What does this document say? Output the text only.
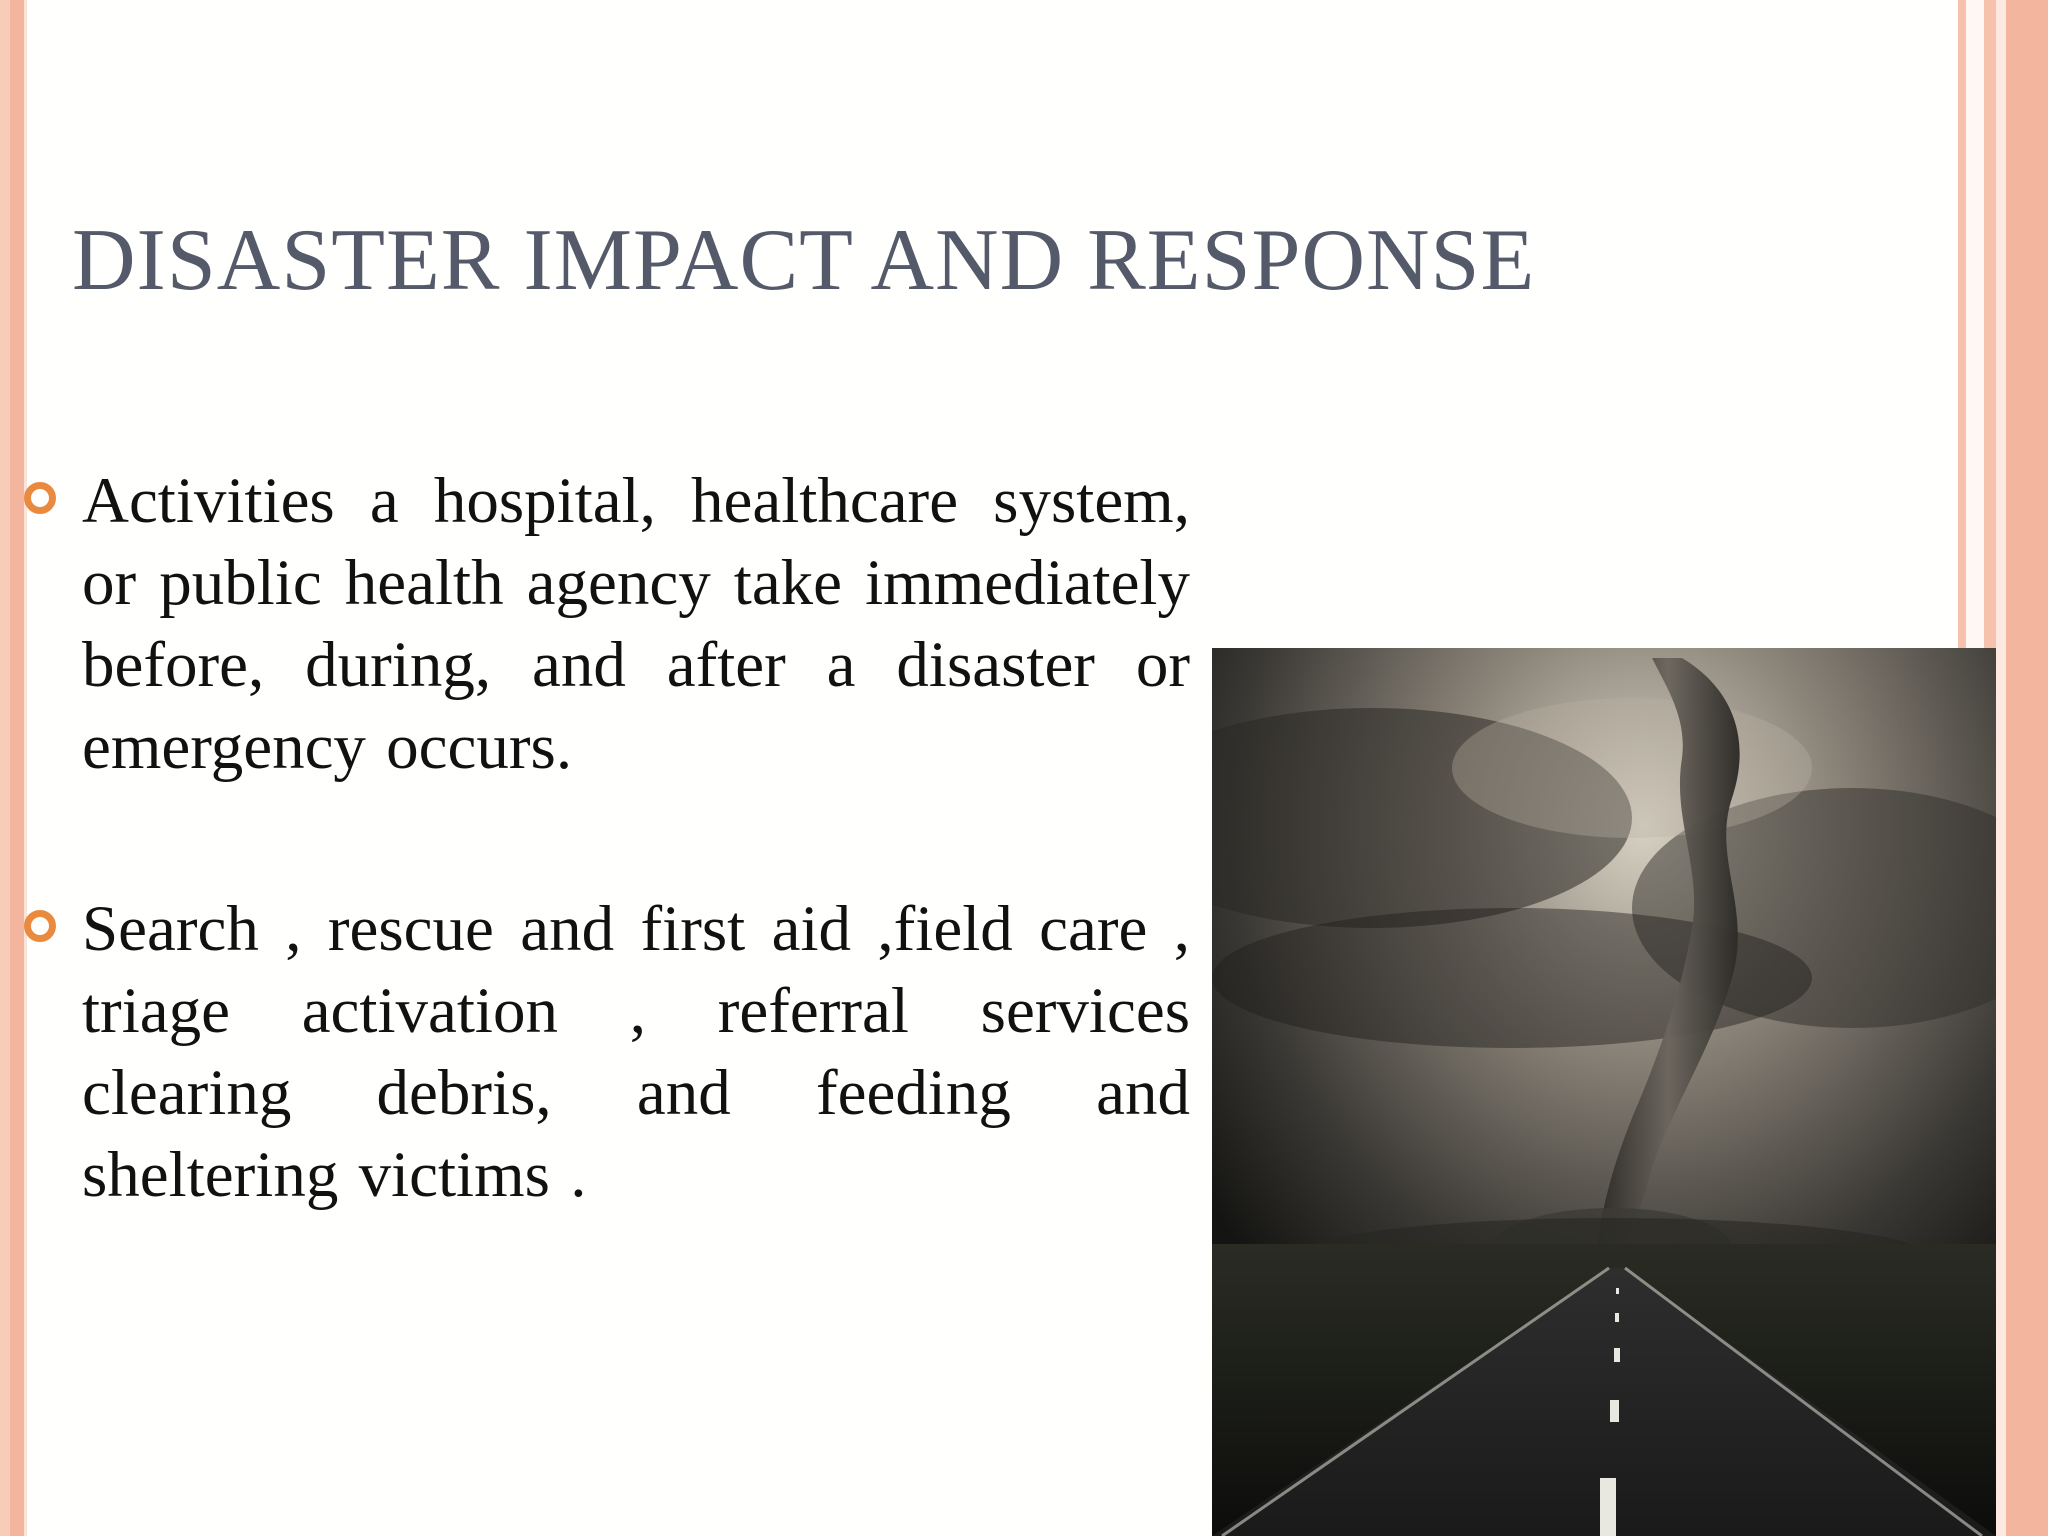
DISASTER IMPACT AND RESPONSE
Activities a hospital, healthcare system, or public health agency take immediately before, during, and after a disaster or emergency occurs.
Search , rescue and first aid ,field care , triage activation , referral services clearing debris, and feeding and sheltering victims .
